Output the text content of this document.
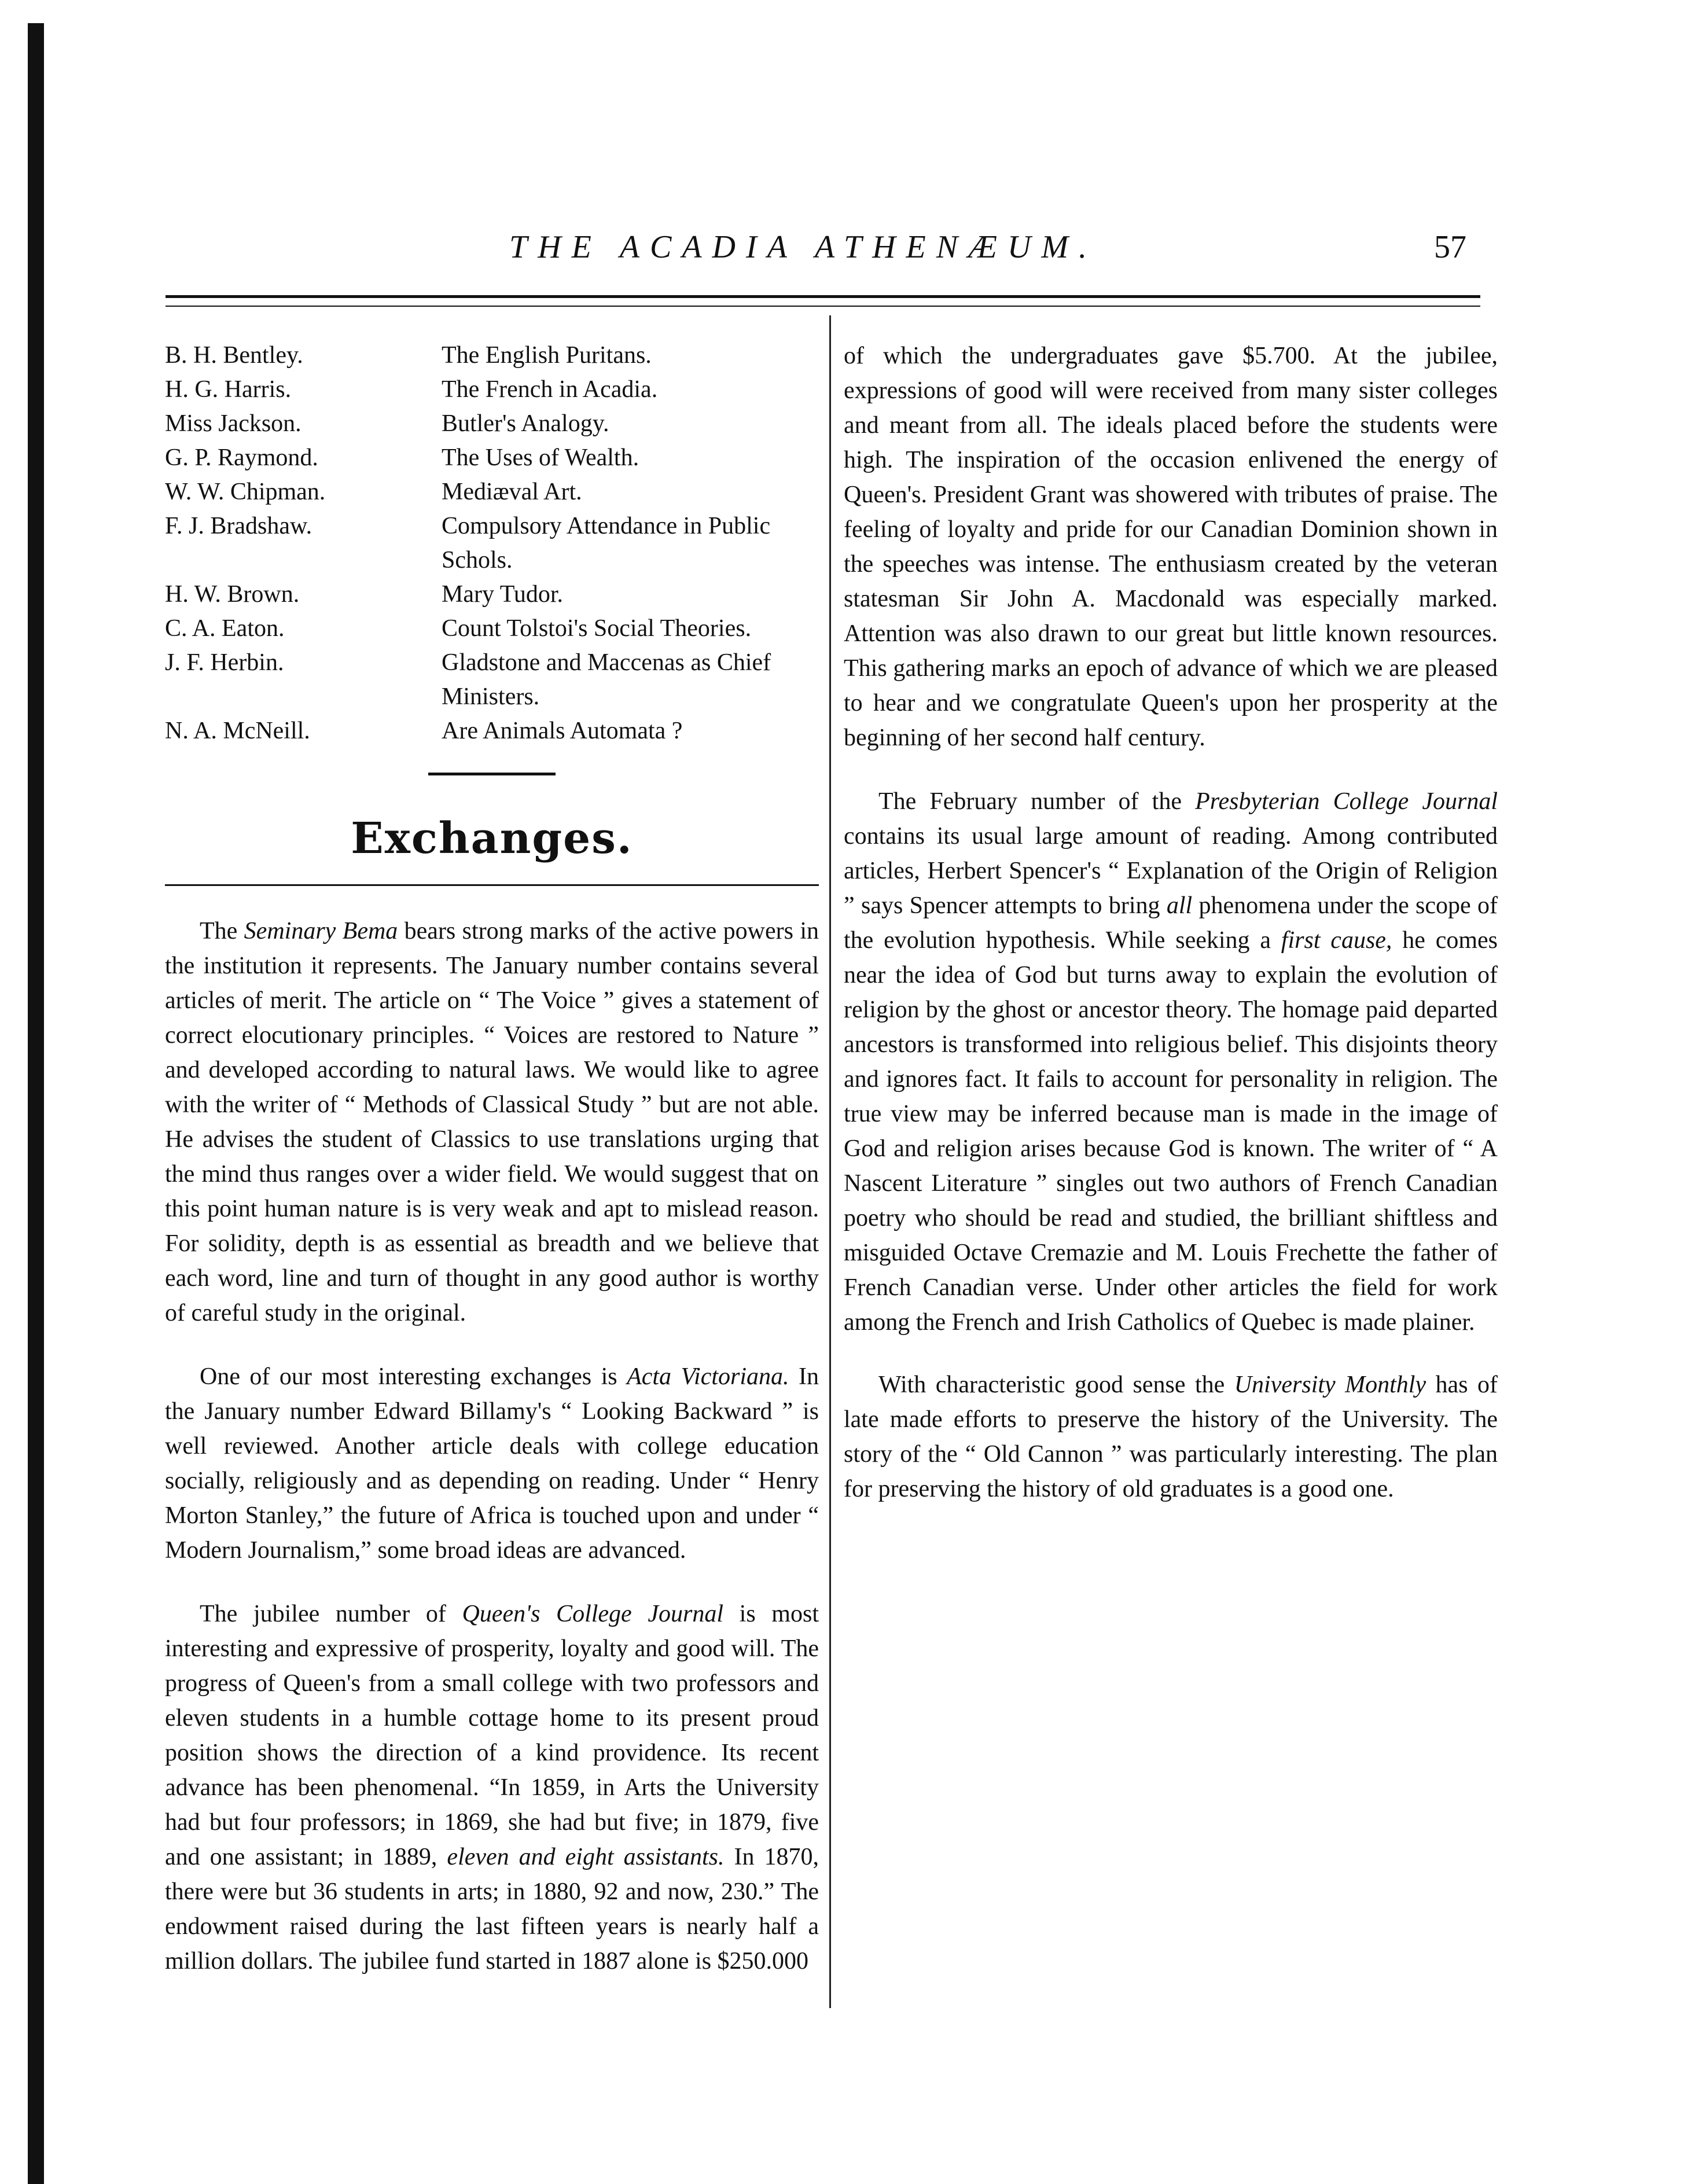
THE ACADIA ATHENÆUM.	57
B. H. Bentley.	The English Puritans.
H. G. Harris.	The French in Acadia.
Miss Jackson.	Butler's Analogy.
G. P. Raymond.	The Uses of Wealth.
W. W. Chipman.	Mediæval Art.
F. J. Bradshaw.	Compulsory Attendance in Public Schols.
H. W. Brown.	Mary Tudor.
C. A. Eaton.	Count Tolstoi's Social Theories.
J. F. Herbin.	Gladstone and Maccenas as Chief Ministers.
N. A. McNeill.	Are Animals Automata ?
Exchanges.

The Seminary Bema bears strong marks of the active powers in the institution it represents. The January number contains several articles of merit. The article on “ The Voice ” gives a statement of correct elocutionary principles. “ Voices are restored to Nature ” and developed according to natural laws. We would like to agree with the writer of “ Methods of Classical Study ” but are not able. He advises the student of Classics to use translations urging that the mind thus ranges over a wider field. We would suggest that on this point human nature is is very weak and apt to mislead reason. For solidity, depth is as essential as breadth and we believe that each word, line and turn of thought in any good author is worthy of careful study in the original.

One of our most interesting exchanges is Acta Victoriana. In the January number Edward Billamy's “ Looking Backward ” is well reviewed. Another article deals with college education socially, religiously and as depending on reading. Under “ Henry Morton Stanley,” the future of Africa is touched upon and under “ Modern Journalism,” some broad ideas are advanced.

The jubilee number of Queen's College Journal is most interesting and expressive of prosperity, loyalty and good will. The progress of Queen's from a small college with two professors and eleven students in a humble cottage home to its present proud position shows the direction of a kind providence. Its recent advance has been phenomenal. “In 1859, in Arts the University had but four professors; in 1869, she had but five; in 1879, five and one assistant; in 1889, eleven and eight assistants. In 1870, there were but 36 students in arts; in 1880, 92 and now, 230.” The endowment raised during the last fifteen years is nearly half a million dollars. The jubilee fund started in 1887 alone is $250.000

of which the undergraduates gave $5.700. At the jubilee, expressions of good will were received from many sister colleges and meant from all. The ideals placed before the students were high. The inspiration of the occasion enlivened the energy of Queen's. President Grant was showered with tributes of praise. The feeling of loyalty and pride for our Canadian Dominion shown in the speeches was intense. The enthusiasm created by the veteran statesman Sir John A. Macdonald was especially marked. Attention was also drawn to our great but little known resources. This gathering marks an epoch of advance of which we are pleased to hear and we congratulate Queen's upon her prosperity at the beginning of her second half century.

The February number of the Presbyterian College Journal contains its usual large amount of reading. Among contributed articles, Herbert Spencer's “ Explanation of the Origin of Religion ” says Spencer attempts to bring all phenomena under the scope of the evolution hypothesis. While seeking a first cause, he comes near the idea of God but turns away to explain the evolution of religion by the ghost or ancestor theory. The homage paid departed ancestors is transformed into religious belief. This disjoints theory and ignores fact. It fails to account for personality in religion. The true view may be inferred because man is made in the image of God and religion arises because God is known. The writer of “ A Nascent Literature ” singles out two authors of French Canadian poetry who should be read and studied, the brilliant shiftless and misguided Octave Cremazie and M. Louis Frechette the father of French Canadian verse. Under other articles the field for work among the French and Irish Catholics of Quebec is made plainer.

With characteristic good sense the University Monthly has of late made efforts to preserve the history of the University. The story of the “ Old Cannon ” was particularly interesting. The plan for preserving the history of old graduates is a good one.
